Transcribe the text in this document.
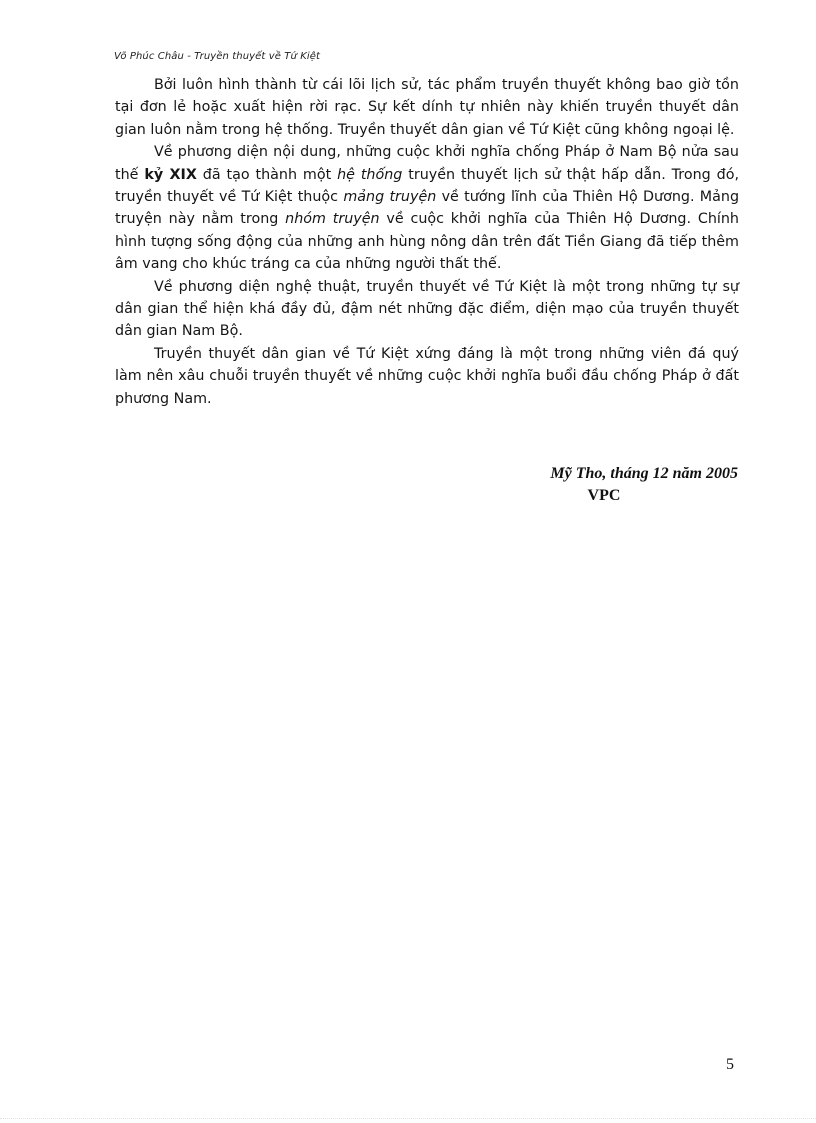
Võ Phúc Châu - Truyền thuyết về Tứ Kiệt

Bởi luôn hình thành từ cái lõi lịch sử, tác phẩm truyền thuyết không bao giờ tồn tại đơn lẻ hoặc xuất hiện rời rạc. Sự kết dính tự nhiên này khiến truyền thuyết dân gian luôn nằm trong hệ thống. Truyền thuyết dân gian về Tứ Kiệt cũng không ngoại lệ.

Về phương diện nội dung, những cuộc khởi nghĩa chống Pháp ở Nam Bộ nửa sau thế kỷ XIX đã tạo thành một hệ thống truyền thuyết lịch sử thật hấp dẫn. Trong đó, truyền thuyết về Tứ Kiệt thuộc mảng truyện về tướng lĩnh của Thiên Hộ Dương. Mảng truyện này nằm trong nhóm truyện về cuộc khởi nghĩa của Thiên Hộ Dương. Chính hình tượng sống động của những anh hùng nông dân trên đất Tiền Giang đã tiếp thêm âm vang cho khúc tráng ca của những người thất thế.

Về phương diện nghệ thuật, truyền thuyết về Tứ Kiệt là một trong những tự sự dân gian thể hiện khá đầy đủ, đậm nét những đặc điểm, diện mạo của truyền thuyết dân gian Nam Bộ.

Truyền thuyết dân gian về Tứ Kiệt xứng đáng là một trong những viên đá quý làm nên xâu chuỗi truyền thuyết về những cuộc khởi nghĩa buổi đầu chống Pháp ở đất phương Nam.

Mỹ Tho, tháng 12 năm 2005
VPC
5
